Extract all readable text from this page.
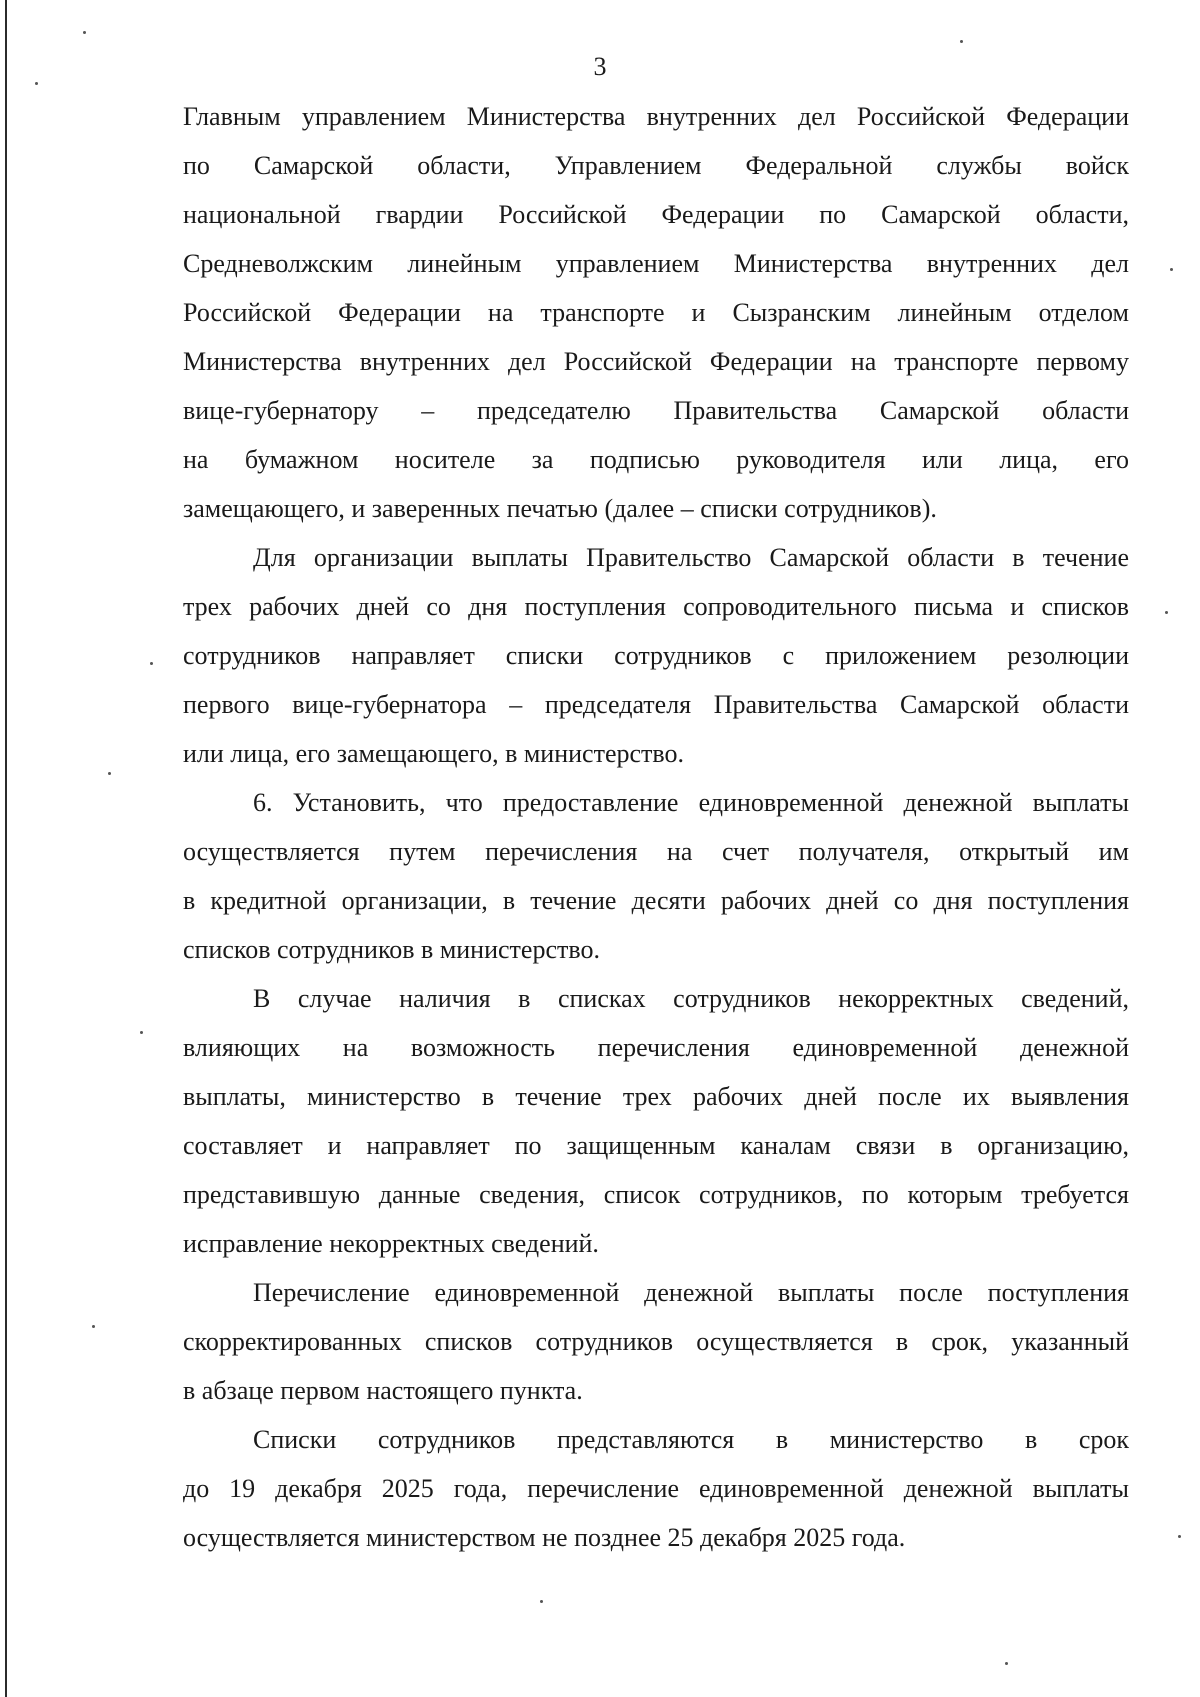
3
Главным управлением Министерства внутренних дел Российской Федерации
по Самарской области, Управлением Федеральной службы войск
национальной гвардии Российской Федерации по Самарской области,
Средневолжским линейным управлением Министерства внутренних дел
Российской Федерации на транспорте и Сызранским линейным отделом
Министерства внутренних дел Российской Федерации на транспорте первому
вице-губернатору – председателю Правительства Самарской области
на бумажном носителе за подписью руководителя или лица, его
замещающего, и заверенных печатью (далее – списки сотрудников).
Для организации выплаты Правительство Самарской области в течение
трех рабочих дней со дня поступления сопроводительного письма и списков
сотрудников направляет списки сотрудников с приложением резолюции
первого вице-губернатора – председателя Правительства Самарской области
или лица, его замещающего, в министерство.
6. Установить, что предоставление единовременной денежной выплаты
осуществляется путем перечисления на счет получателя, открытый им
в кредитной организации, в течение десяти рабочих дней со дня поступления
списков сотрудников в министерство.
В случае наличия в списках сотрудников некорректных сведений,
влияющих на возможность перечисления единовременной денежной
выплаты, министерство в течение трех рабочих дней после их выявления
составляет и направляет по защищенным каналам связи в организацию,
представившую данные сведения, список сотрудников, по которым требуется
исправление некорректных сведений.
Перечисление единовременной денежной выплаты после поступления
скорректированных списков сотрудников осуществляется в срок, указанный
в абзаце первом настоящего пункта.
Списки сотрудников представляются в министерство в срок
до 19 декабря 2025 года, перечисление единовременной денежной выплаты
осуществляется министерством не позднее 25 декабря 2025 года.
